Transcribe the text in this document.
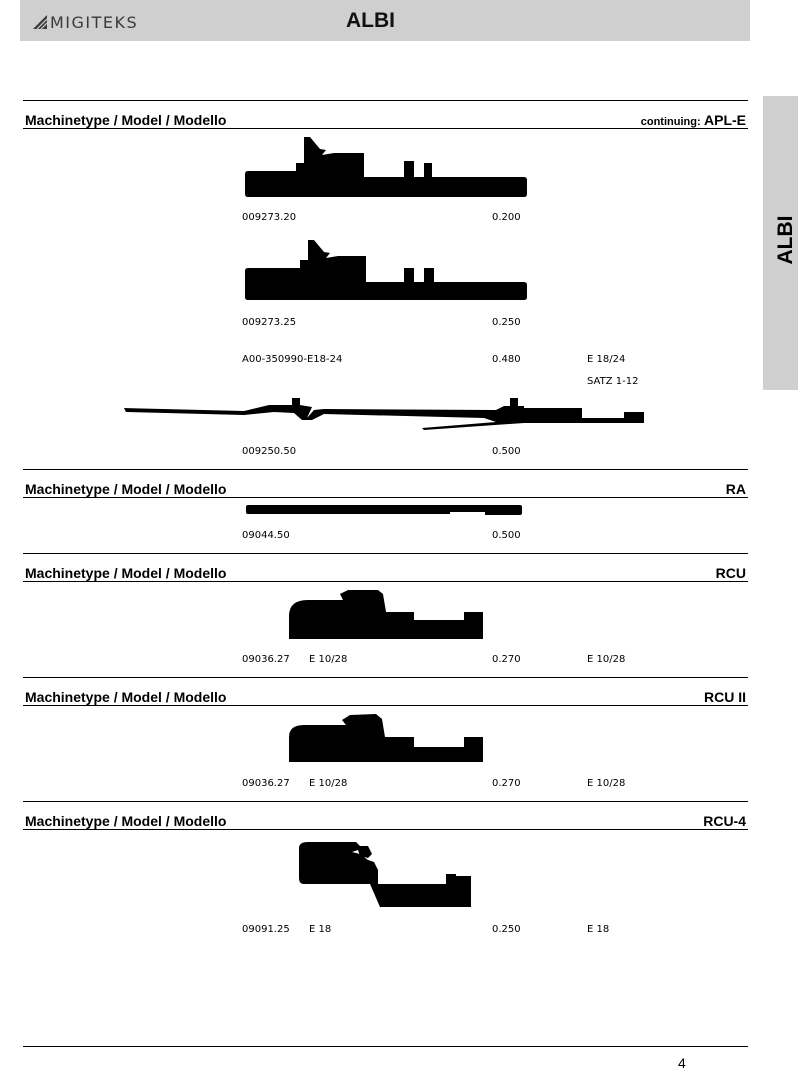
MIGITEKS	ALBI
ALBI
Machinetype / Model / Modello	continuing: APL-E
009273.20	0.200
009273.25	0.250
A00-350990-E18-24	0.480	E 18/24
SATZ 1-12
009250.50	0.500
Machinetype / Model / Modello	RA
09044.50	0.500
Machinetype / Model / Modello	RCU
09036.27 E 10/28	0.270	E 10/28
Machinetype / Model / Modello	RCU II
09036.27 E 10/28	0.270	E 10/28
Machinetype / Model / Modello	RCU-4
09091.25 E 18	0.250	E 18
4
